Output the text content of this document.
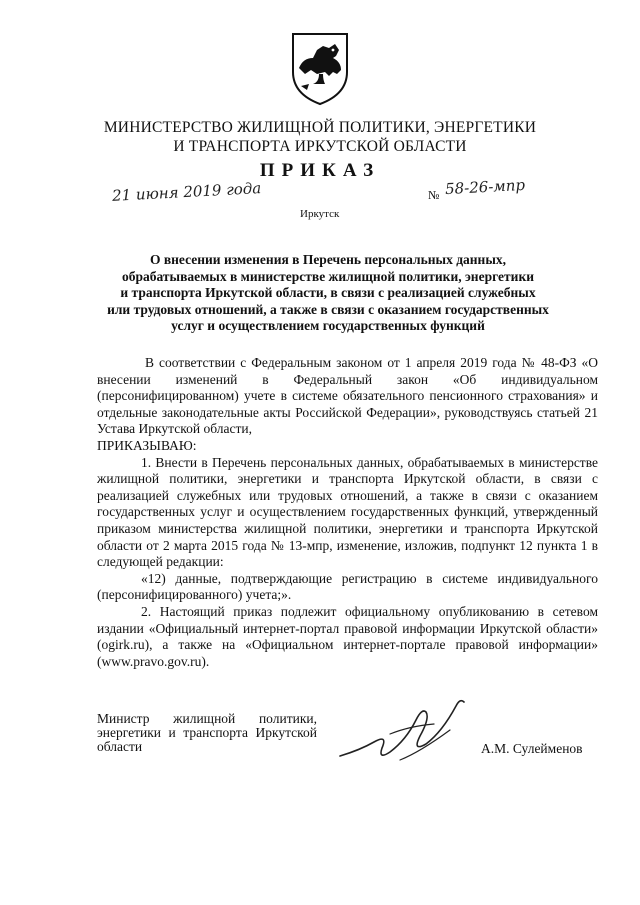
МИНИСТЕРСТВО ЖИЛИЩНОЙ ПОЛИТИКИ, ЭНЕРГЕТИКИ
И ТРАНСПОРТА ИРКУТСКОЙ ОБЛАСТИ
ПРИКАЗ
21 июня 2019 года	№ 58-26-мпр
Иркутск
О внесении изменения в Перечень персональных данных,
обрабатываемых в министерстве жилищной политики, энергетики
и транспорта Иркутской области, в связи с реализацией служебных
или трудовых отношений, а также в связи с оказанием государственных
услуг и осуществлением государственных функций

В соответствии с Федеральным законом от 1 апреля 2019 года № 48-ФЗ «О внесении изменений в Федеральный закон «Об индивидуальном (персонифицированном) учете в системе обязательного пенсионного страхования» и отдельные законодательные акты Российской Федерации», руководствуясь статьей 21 Устава Иркутской области,

ПРИКАЗЫВАЮ:

1. Внести в Перечень персональных данных, обрабатываемых в министерстве жилищной политики, энергетики и транспорта Иркутской области, в связи с реализацией служебных или трудовых отношений, а также в связи с оказанием государственных услуг и осуществлением государственных функций, утвержденный приказом министерства жилищной политики, энергетики и транспорта Иркутской области от 2 марта 2015 года № 13-мпр, изменение, изложив, подпункт 12 пункта 1 в следующей редакции:

«12) данные, подтверждающие регистрацию в системе индивидуального (персонифицированного) учета;».

2. Настоящий приказ подлежит официальному опубликованию в сетевом издании «Официальный интернет-портал правовой информации Иркутской области» (ogirk.ru), а также на «Официальном интернет-портале правовой информации» (www.pravo.gov.ru).

Министр жилищной политики, энергетики и транспорта Иркутской области	А.М. Сулейменов
